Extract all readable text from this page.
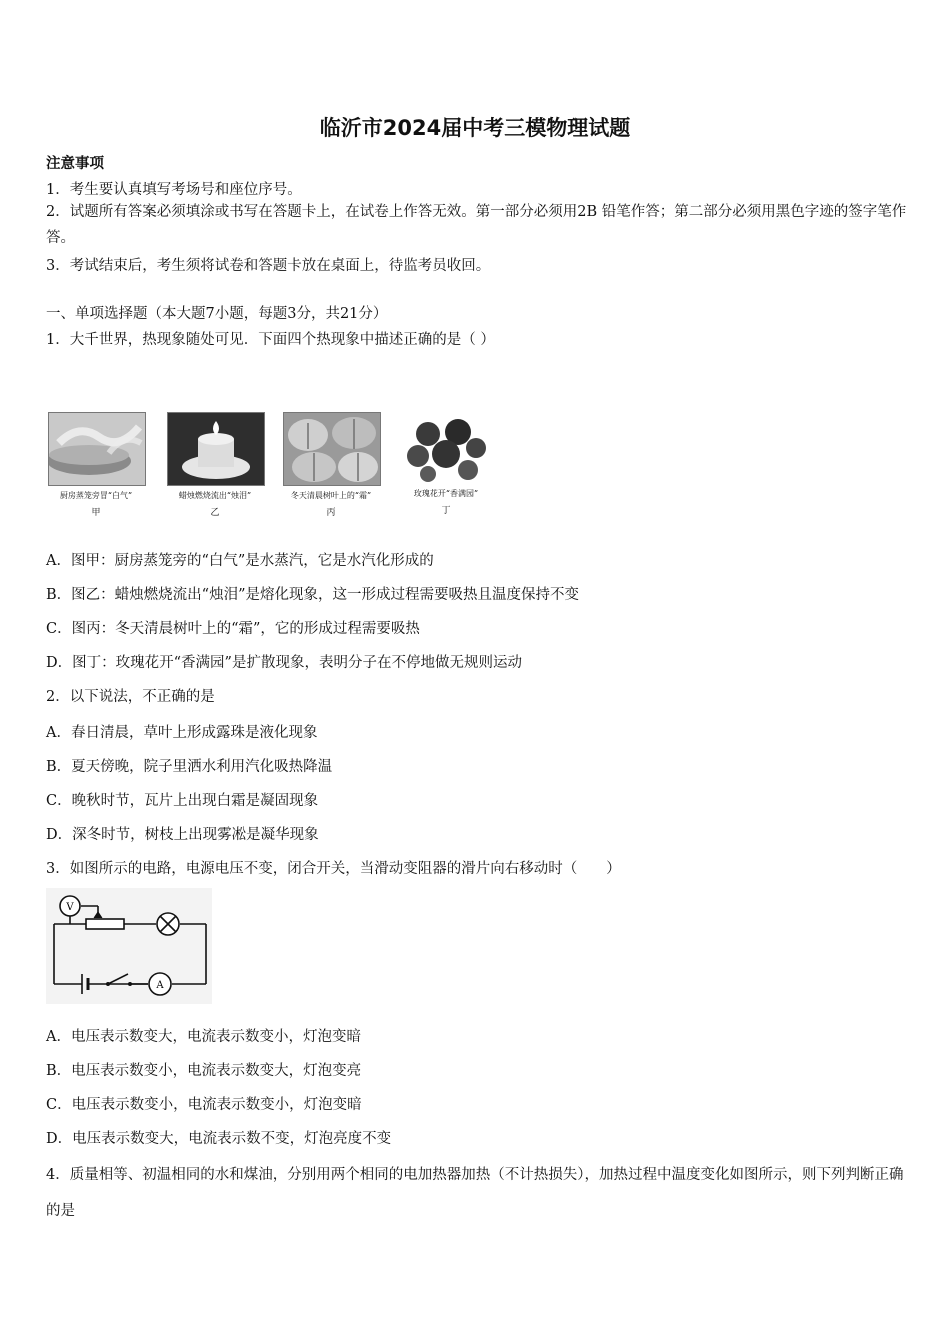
临沂市2024届中考三模物理试题
注意事项
1．考生要认真填写考场号和座位序号。
2．试题所有答案必须填涂或书写在答题卡上，在试卷上作答无效。第一部分必须用2B 铅笔作答；第二部分必须用黑色字迹的签字笔作答。
3．考试结束后，考生须将试卷和答题卡放在桌面上，待监考员收回。
一、单项选择题（本大题7小题，每题3分，共21分）
1．大千世界，热现象随处可见．下面四个热现象中描述正确的是（ ）
厨房蒸笼旁冒“白气”
甲
蜡烛燃烧流出“烛泪”
乙
冬天清晨树叶上的“霜”
丙
玫瑰花开“香满园”
丁
A．图甲：厨房蒸笼旁的“白气”是水蒸汽，它是水汽化形成的
B．图乙：蜡烛燃烧流出“烛泪”是熔化现象，这一形成过程需要吸热且温度保持不变
C．图丙：冬天清晨树叶上的“霜”，它的形成过程需要吸热
D．图丁：玫瑰花开“香满园”是扩散现象，表明分子在不停地做无规则运动
2．以下说法，不正确的是
A．春日清晨，草叶上形成露珠是液化现象
B．夏天傍晚，院子里洒水利用汽化吸热降温
C．晚秋时节，瓦片上出现白霜是凝固现象
D．深冬时节，树枝上出现雾凇是凝华现象
3．如图所示的电路，电源电压不变，闭合开关，当滑动变阻器的滑片向右移动时（　　）
V
A
A．电压表示数变大，电流表示数变小，灯泡变暗
B．电压表示数变小，电流表示数变大，灯泡变亮
C．电压表示数变小，电流表示数变小，灯泡变暗
D．电压表示数变大，电流表示数不变，灯泡亮度不变
4．质量相等、初温相同的水和煤油，分别用两个相同的电加热器加热（不计热损失），加热过程中温度变化如图所示，则下列判断正确的是
